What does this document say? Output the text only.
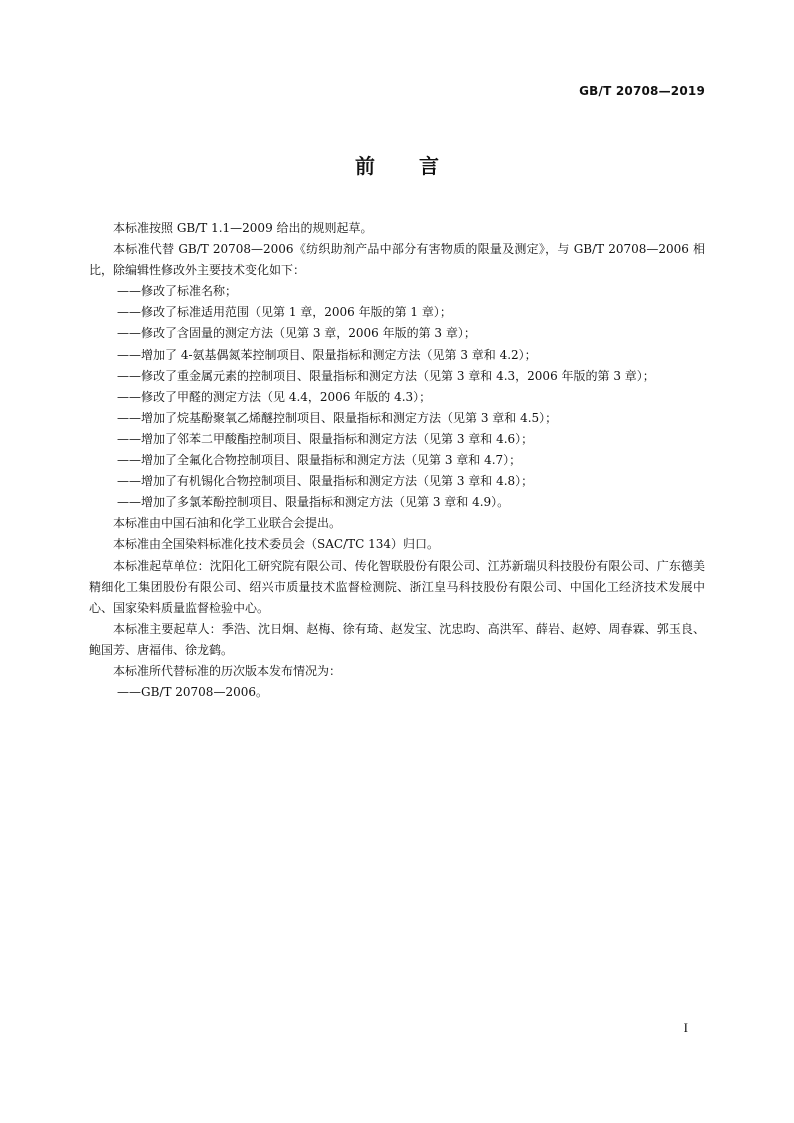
GB/T 20708—2019
前言

本标准按照 GB/T 1.1—2009 给出的规则起草。

本标准代替 GB/T 20708—2006《纺织助剂产品中部分有害物质的限量及测定》，与 GB/T 20708—2006 相比，除编辑性修改外主要技术变化如下：

——修改了标准名称；

——修改了标准适用范围（见第 1 章，2006 年版的第 1 章）；

——修改了含固量的测定方法（见第 3 章，2006 年版的第 3 章）；

——增加了 4-氨基偶氮苯控制项目、限量指标和测定方法（见第 3 章和 4.2）；

——修改了重金属元素的控制项目、限量指标和测定方法（见第 3 章和 4.3，2006 年版的第 3 章）；

——修改了甲醛的测定方法（见 4.4，2006 年版的 4.3）；

——增加了烷基酚聚氧乙烯醚控制项目、限量指标和测定方法（见第 3 章和 4.5）；

——增加了邻苯二甲酸酯控制项目、限量指标和测定方法（见第 3 章和 4.6）；

——增加了全氟化合物控制项目、限量指标和测定方法（见第 3 章和 4.7）；

——增加了有机锡化合物控制项目、限量指标和测定方法（见第 3 章和 4.8）；

——增加了多氯苯酚控制项目、限量指标和测定方法（见第 3 章和 4.9）。

本标准由中国石油和化学工业联合会提出。

本标准由全国染料标准化技术委员会（SAC/TC 134）归口。

本标准起草单位：沈阳化工研究院有限公司、传化智联股份有限公司、江苏新瑞贝科技股份有限公司、广东德美精细化工集团股份有限公司、绍兴市质量技术监督检测院、浙江皇马科技股份有限公司、中国化工经济技术发展中心、国家染料质量监督检验中心。

本标准主要起草人：季浩、沈日炯、赵梅、徐有琦、赵发宝、沈忠昀、高洪军、薛岩、赵婷、周春霖、郭玉良、鲍国芳、唐福伟、徐龙鹤。

本标准所代替标准的历次版本发布情况为：

——GB/T 20708—2006。

I
